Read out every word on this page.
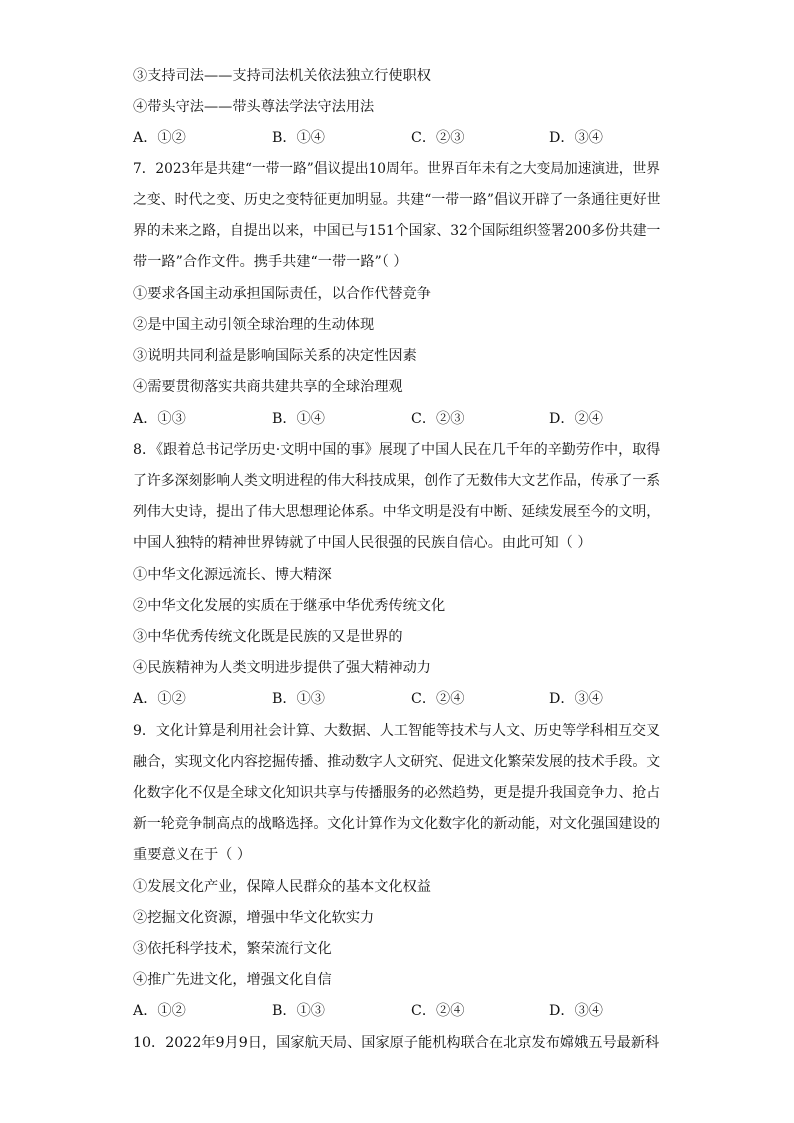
③支持司法——支持司法机关依法独立行使职权
④带头守法——带头尊法学法守法用法
A．①②	B．①④	C．②③	D．③④
7．2023年是共建“一带一路”倡议提出10周年。世界百年未有之大变局加速演进，世界
之变、时代之变、历史之变特征更加明显。共建“一带一路”倡议开辟了一条通往更好世
界的未来之路，自提出以来，中国已与151个国家、32个国际组织签署200多份共建一
带一路”合作文件。携手共建“一带一路”（ ）
①要求各国主动承担国际责任，以合作代替竞争
②是中国主动引领全球治理的生动体现
③说明共同利益是影响国际关系的决定性因素
④需要贯彻落实共商共建共享的全球治理观
A．①③	B．①④	C．②③	D．②④
8．《跟着总书记学历史·文明中国的事》展现了中国人民在几千年的辛勤劳作中，取得
了许多深刻影响人类文明进程的伟大科技成果，创作了无数伟大文艺作品，传承了一系
列伟大史诗，提出了伟大思想理论体系。中华文明是没有中断、延续发展至今的文明，
中国人独特的精神世界铸就了中国人民很强的民族自信心。由此可知（ ）
①中华文化源远流长、博大精深
②中华文化发展的实质在于继承中华优秀传统文化
③中华优秀传统文化既是民族的又是世界的
④民族精神为人类文明进步提供了强大精神动力
A．①②	B．①③	C．②④	D．③④
9．文化计算是利用社会计算、大数据、人工智能等技术与人文、历史等学科相互交叉
融合，实现文化内容挖掘传播、推动数字人文研究、促进文化繁荣发展的技术手段。文
化数字化不仅是全球文化知识共享与传播服务的必然趋势，更是提升我国竞争力、抢占
新一轮竞争制高点的战略选择。文化计算作为文化数字化的新动能，对文化强国建设的
重要意义在于（ ）
①发展文化产业，保障人民群众的基本文化权益
②挖掘文化资源，增强中华文化软实力
③依托科学技术，繁荣流行文化
④推广先进文化，增强文化自信
A．①②	B．①③	C．②④	D．③④
10．2022年9月9日，国家航天局、国家原子能机构联合在北京发布嫦娥五号最新科
